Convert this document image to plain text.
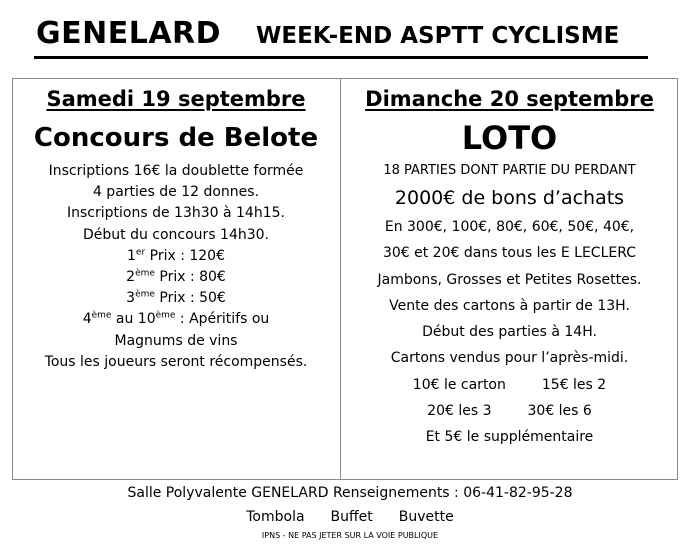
GENELARD WEEK-END ASPTT CYCLISME
Samedi 19 septembre
Concours de Belote
Inscriptions 16€ la doublette formée
4 parties de 12 donnes.
Inscriptions de 13h30 à 14h15.
Début du concours 14h30.
1er Prix : 120€
2ème Prix : 80€
3ème Prix : 50€
4ème au 10ème : Apéritifs ou
Magnums de vins
Tous les joueurs seront récompensés.
Dimanche 20 septembre
LOTO
18 PARTIES DONT PARTIE DU PERDANT
2000€ de bons d’achats
En 300€, 100€, 80€, 60€, 50€, 40€,
30€ et 20€ dans tous les E LECLERC
Jambons, Grosses et Petites Rosettes.
Vente des cartons à partir de 13H.
Début des parties à 14H.
Cartons vendus pour l’après-midi.
10€ le carton	15€ les 2
20€ les 3	30€ les 6
Et 5€ le supplémentaire
Salle Polyvalente GENELARD Renseignements : 06-41-82-95-28
Tombola Buffet Buvette
IPNS - NE PAS JETER SUR LA VOIE PUBLIQUE
